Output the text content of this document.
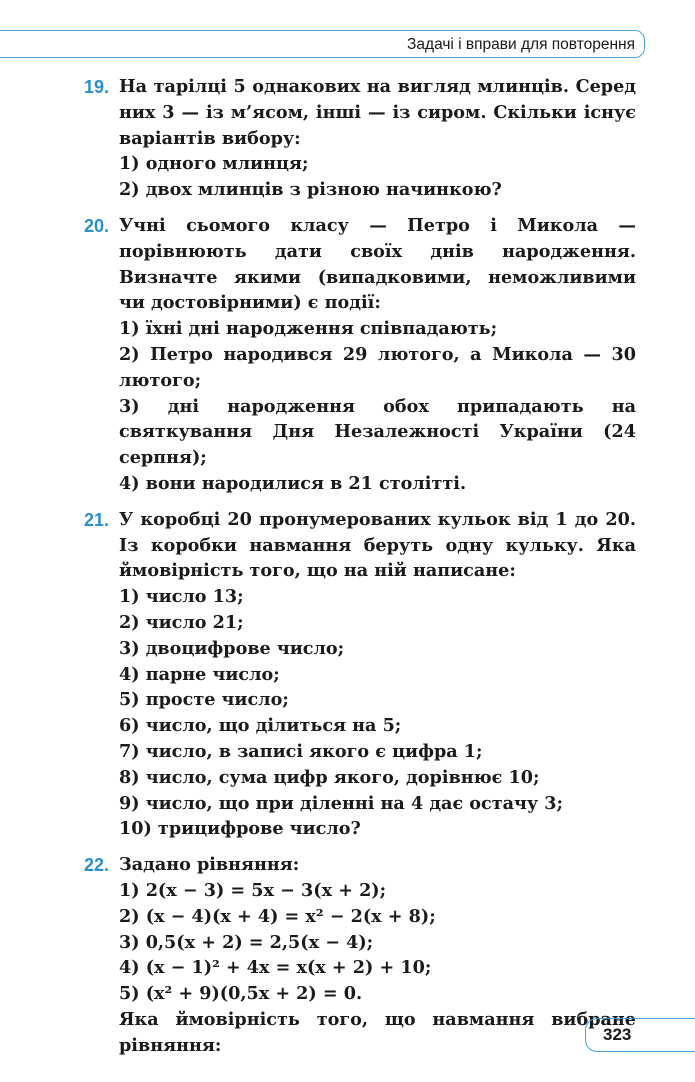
Задачі і вправи для повторення
19. На тарілці 5 однакових на вигляд млинців. Серед них 3 — із м’ясом, інші — із сиром. Скільки існує варіантів вибору:
1) одного млинця;
2) двох млинців з різною начинкою?
20. Учні сьомого класу — Петро і Микола — порівнюють дати своїх днів народження. Визначте якими (випадковими, неможливими чи достовірними) є події:
1) їхні дні народження співпадають;
2) Петро народився 29 лютого, а Микола — 30 лютого;
3) дні народження обох припадають на святкування Дня Незалежності України (24 серпня);
4) вони народилися в 21 столітті.
21. У коробці 20 пронумерованих кульок від 1 до 20. Із коробки навмання беруть одну кульку. Яка ймовірність того, що на ній написане:
1) число 13;
2) число 21;
3) двоцифрове число;
4) парне число;
5) просте число;
6) число, що ділиться на 5;
7) число, в записі якого є цифра 1;
8) число, сума цифр якого, дорівнює 10;
9) число, що при діленні на 4 дає остачу 3;
10) трицифрове число?
22. Задано рівняння:
1) 2(x − 3) = 5x − 3(x + 2);
2) (x − 4)(x + 4) = x² − 2(x + 8);
3) 0,5(x + 2) = 2,5(x − 4);
4) (x − 1)² + 4x = x(x + 2) + 10;
5) (x² + 9)(0,5x + 2) = 0.
Яка ймовірність того, що навмання вибране рівняння:
323
